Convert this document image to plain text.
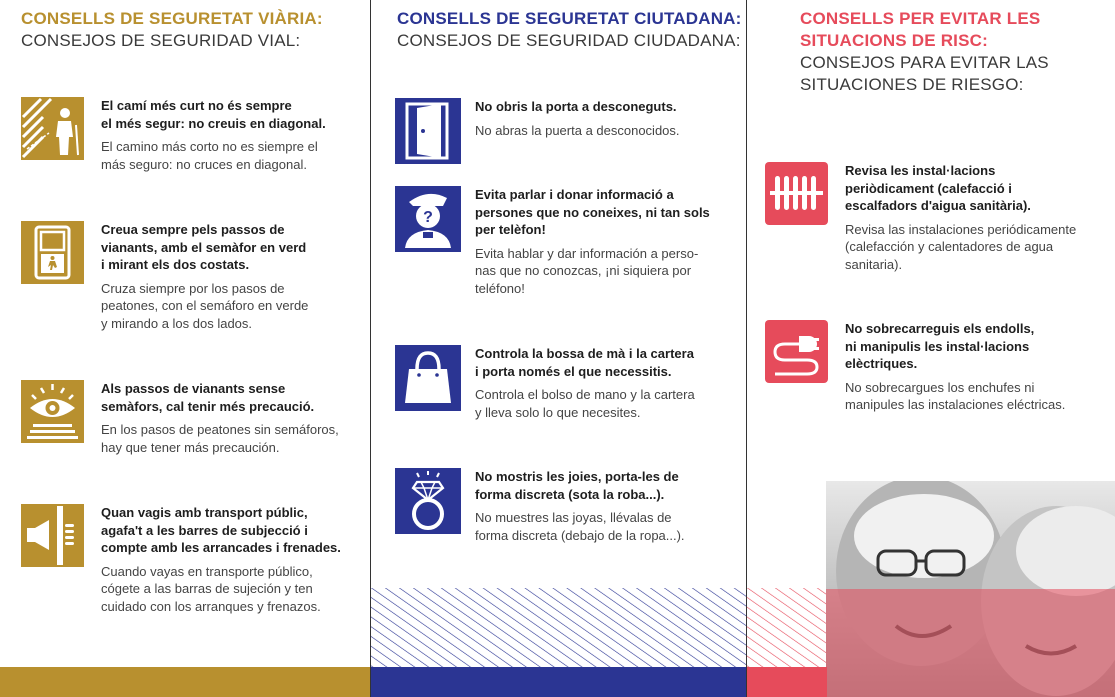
CONSELLS DE SEGURETAT VIÀRIA:
CONSEJOS DE SEGURIDAD VIAL:
El camí més curt no és sempre
el més segur: no creuis en diagonal.
El camino más corto no es siempre el
más seguro: no cruces en diagonal.
Creua sempre pels passos de
vianants, amb el semàfor en verd
i mirant els dos costats.
Cruza siempre por los pasos de
peatones, con el semáforo en verde
y mirando a los dos lados.
Als passos de vianants sense
semàfors, cal tenir més precaució.
En los pasos de peatones sin semáforos,
hay que tener más precaución.
Quan vagis amb transport públic,
agafa't a les barres de subjecció i
compte amb les arrancades i frenades.
Cuando vayas en transporte público,
cógete a las barras de sujeción y ten
cuidado con los arranques y frenazos.
CONSELLS DE SEGURETAT CIUTADANA:
CONSEJOS DE SEGURIDAD CIUDADANA:
No obris la porta a desconeguts.
No abras la puerta a desconocidos.
?
Evita parlar i donar informació a
persones que no coneixes, ni tan sols
per telèfon!
Evita hablar y dar información a perso-
nas que no conozcas, ¡ni siquiera por
teléfono!
Controla la bossa de mà i la cartera
i porta només el que necessitis.
Controla el bolso de mano y la cartera
y lleva solo lo que necesites.
No mostris les joies, porta-les de
forma discreta (sota la roba...).
No muestres las joyas, llévalas de
forma discreta (debajo de la ropa...).
CONSELLS PER EVITAR LES SITUACIONS DE RISC:
CONSEJOS PARA EVITAR LAS SITUACIONES DE RIESGO:
Revisa les instal·lacions
periòdicament (calefacció i
escalfadors d'aigua sanitària).
Revisa las instalaciones periódicamente
(calefacción y calentadores de agua
sanitaria).
No sobrecarreguis els endolls,
ni manipulis les instal·lacions
elèctriques.
No sobrecargues los enchufes ni
manipules las instalaciones eléctricas.
